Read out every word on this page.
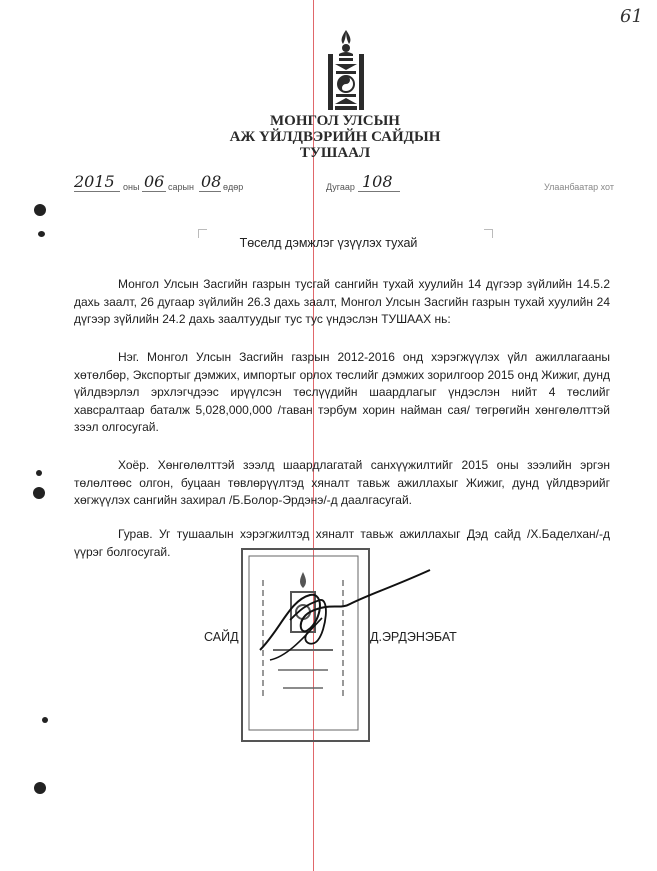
61
МОНГОЛ УЛСЫН
АЖ ҮЙЛДВЭРИЙН САЙДЫН
ТУШААЛ
2015 оны 06 сарын 08 өдөр	Дугаар 108	Улаанбаатар хот
Төселд дэмжлэг үзүүлэх тухай
Монгол Улсын Засгийн газрын тусгай сангийн тухай хуулийн 14 дүгээр зүйлийн 14.5.2 дахь заалт, 26 дугаар зүйлийн 26.3 дахь заалт, Монгол Улсын Засгийн газрын тухай хуулийн 24 дүгээр зүйлийн 24.2 дахь заалтуудыг тус тус үндэслэн ТУШААХ нь:
Нэг. Монгол Улсын Засгийн газрын 2012-2016 онд хэрэгжүүлэх үйл ажиллагааны хөтөлбөр, Экспортыг дэмжих, импортыг орлох төслийг дэмжих зорилгоор 2015 онд Жижиг, дунд үйлдвэрлэл эрхлэгчдээс ирүүлсэн төслүүдийн шаардлагыг үндэслэн нийт 4 төслийг хавсралтаар баталж 5,028,000,000 /таван тэрбум хорин найман сая/ төгрөгийн хөнгөлөлттэй зээл олгосугай.
Хоёр. Хөнгөлөлттэй зээлд шаардлагатай санхүүжилтийг 2015 оны зээлийн эргэн төлөлтөөс олгон, буцаан төвлөрүүлтэд хяналт тавьж ажиллахыг Жижиг, дунд үйлдвэрийг хөгжүүлэх сангийн захирал /Б.Болор-Эрдэнэ/-д даалгасугай.
Гурав. Уг тушаалын хэрэгжилтэд хяналт тавьж ажиллахыг Дэд сайд /Х.Баделхан/-д үүрэг болгосугай.
САЙД	Д.ЭРДЭНЭБАТ
